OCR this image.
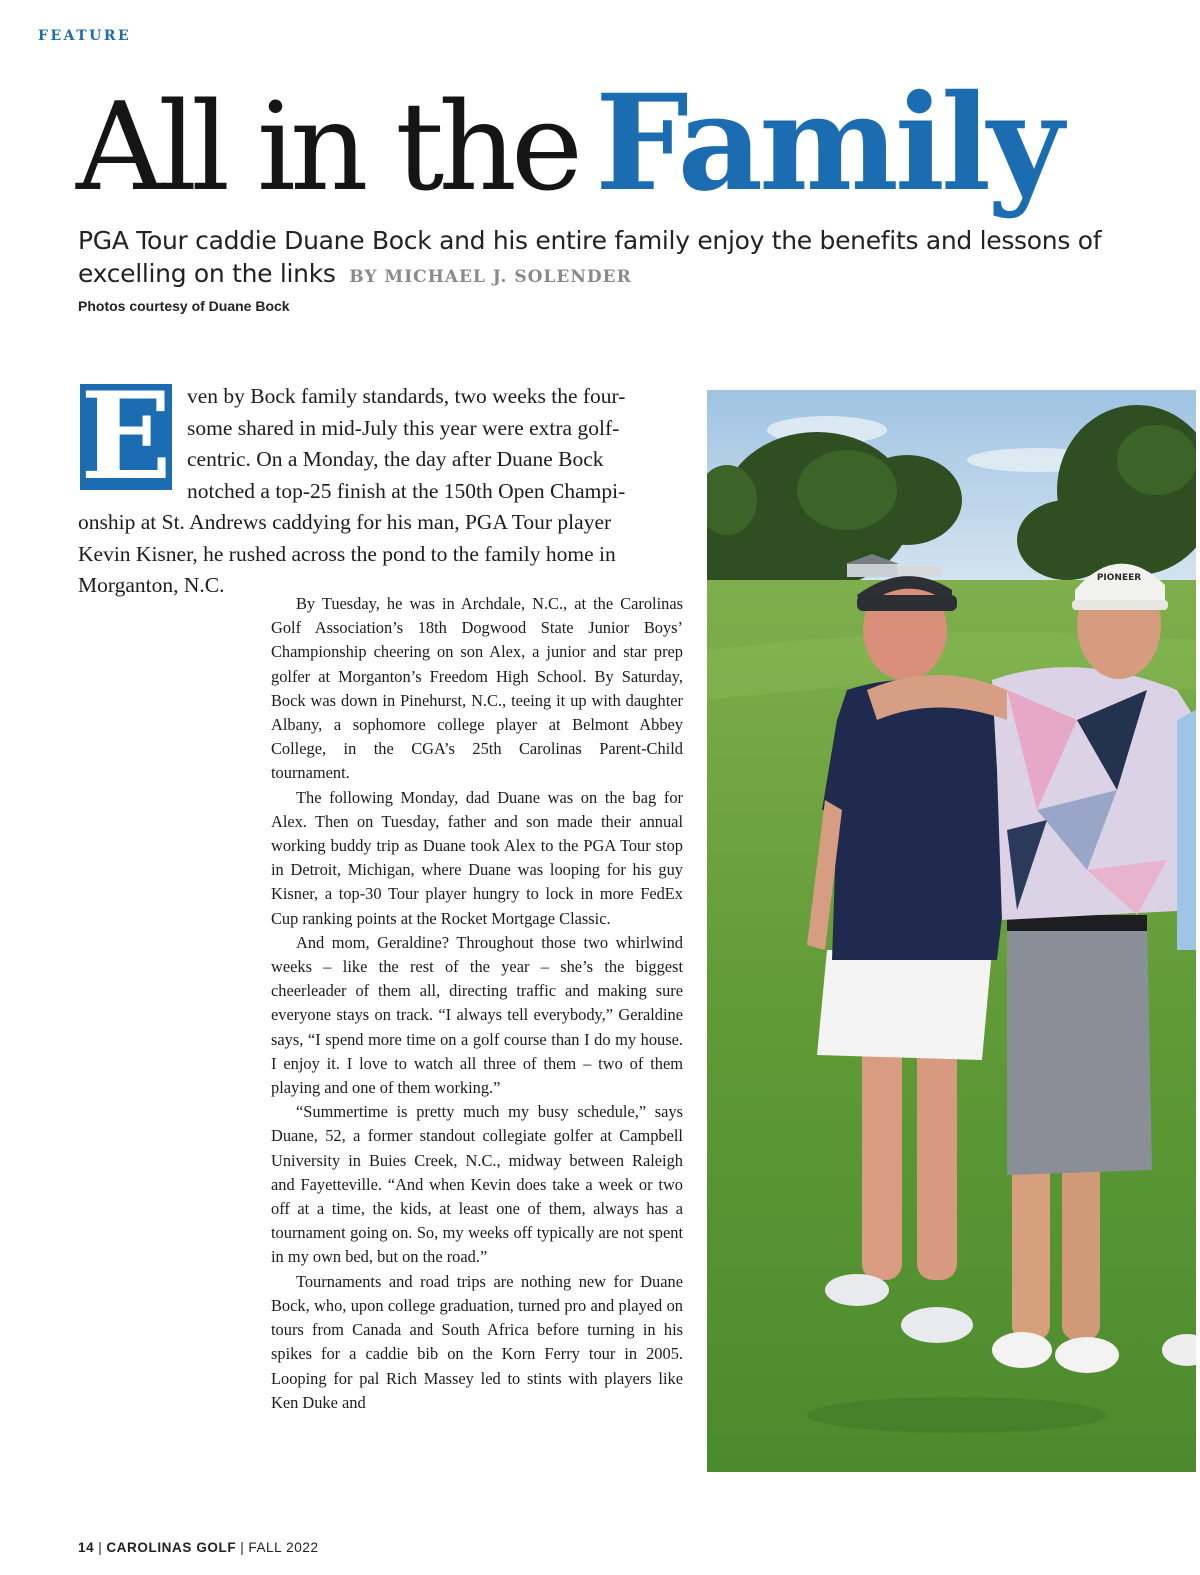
FEATURE
All in the Family
PGA Tour caddie Duane Bock and his entire family enjoy the benefits and lessons of excelling on the links BY MICHAEL J. SOLENDER
Photos courtesy of Duane Bock
E ven by Bock family standards, two weeks the four-
some shared in mid-July this year were extra golf-
centric. On a Monday, the day after Duane Bock
notched a top-25 finish at the 150th Open Champi-
onship at St. Andrews caddying for his man, PGA Tour player
Kevin Kisner, he rushed across the pond to the family home in
Morganton, N.C.

By Tuesday, he was in Archdale, N.C., at the Carolinas Golf Association’s 18th Dogwood State Junior Boys’ Championship cheering on son Alex, a junior and star prep golfer at Morganton’s Freedom High School. By Saturday, Bock was down in Pinehurst, N.C., teeing it up with daughter Albany, a sophomore college player at Belmont Abbey College, in the CGA’s 25th Carolinas Parent-Child tournament.

The following Monday, dad Duane was on the bag for Alex. Then on Tuesday, father and son made their annual working buddy trip as Duane took Alex to the PGA Tour stop in Detroit, Michigan, where Duane was looping for his guy Kisner, a top-30 Tour player hungry to lock in more FedEx Cup ranking points at the Rocket Mortgage Classic.

And mom, Geraldine? Throughout those two whirlwind weeks – like the rest of the year – she’s the biggest cheerleader of them all, directing traffic and making sure everyone stays on track. “I always tell everybody,” Geraldine says, “I spend more time on a golf course than I do my house. I enjoy it. I love to watch all three of them – two of them playing and one of them working.”

“Summertime is pretty much my busy schedule,” says Duane, 52, a former standout collegiate golfer at Campbell University in Buies Creek, N.C., midway between Raleigh and Fayetteville. “And when Kevin does take a week or two off at a time, the kids, at least one of them, always has a tournament going on. So, my weeks off typically are not spent in my own bed, but on the road.”

Tournaments and road trips are nothing new for Duane Bock, who, upon college graduation, turned pro and played on tours from Canada and South Africa before turning in his spikes for a caddie bib on the Korn Ferry tour in 2005. Looping for pal Rich Massey led to stints with players like Ken Duke and

PIONEER
14 | CAROLINAS GOLF | FALL 2022
